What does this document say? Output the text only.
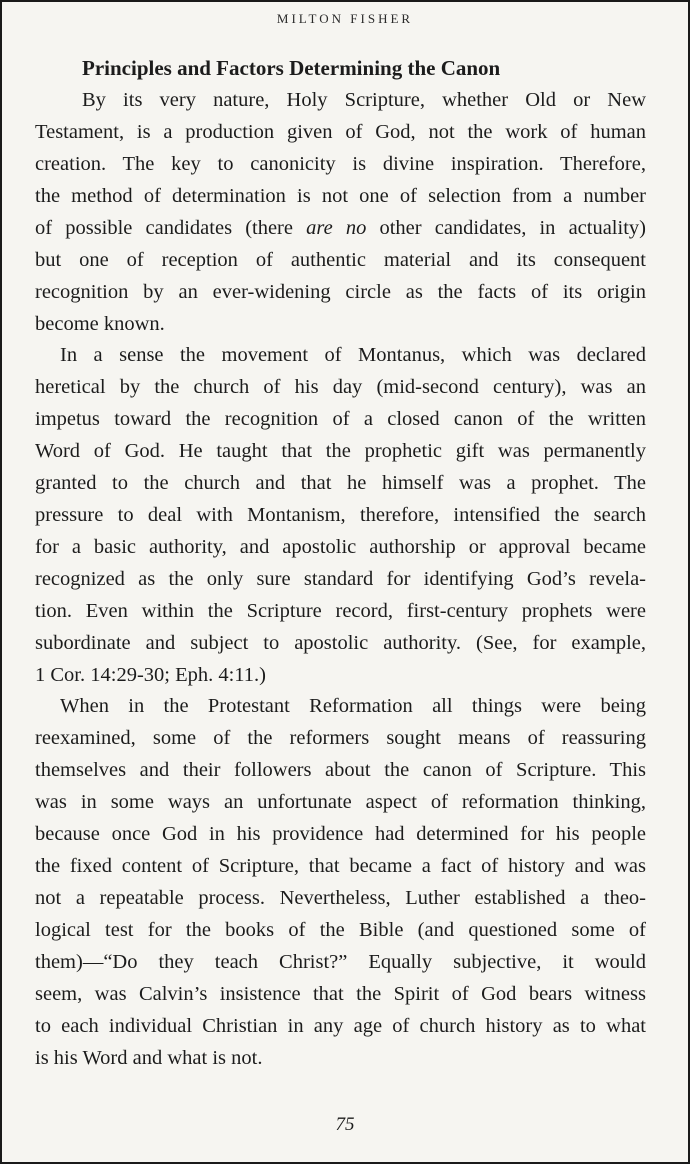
MILTON FISHER
Principles and Factors Determining the Canon
By its very nature, Holy Scripture, whether Old or New
Testament, is a production given of God, not the work of human
creation. The key to canonicity is divine inspiration. Therefore,
the method of determination is not one of selection from a number
of possible candidates (there are no other candidates, in actuality)
but one of reception of authentic material and its consequent
recognition by an ever-widening circle as the facts of its origin
become known.
In a sense the movement of Montanus, which was declared
heretical by the church of his day (mid-second century), was an
impetus toward the recognition of a closed canon of the written
Word of God. He taught that the prophetic gift was permanently
granted to the church and that he himself was a prophet. The
pressure to deal with Montanism, therefore, intensified the search
for a basic authority, and apostolic authorship or approval became
recognized as the only sure standard for identifying God’s revela-
tion. Even within the Scripture record, first-century prophets were
subordinate and subject to apostolic authority. (See, for example,
1 Cor. 14:29-30; Eph. 4:11.)
When in the Protestant Reformation all things were being
reexamined, some of the reformers sought means of reassuring
themselves and their followers about the canon of Scripture. This
was in some ways an unfortunate aspect of reformation thinking,
because once God in his providence had determined for his people
the fixed content of Scripture, that became a fact of history and was
not a repeatable process. Nevertheless, Luther established a theo-
logical test for the books of the Bible (and questioned some of
them)—“Do they teach Christ?” Equally subjective, it would
seem, was Calvin’s insistence that the Spirit of God bears witness
to each individual Christian in any age of church history as to what
is his Word and what is not.
75
